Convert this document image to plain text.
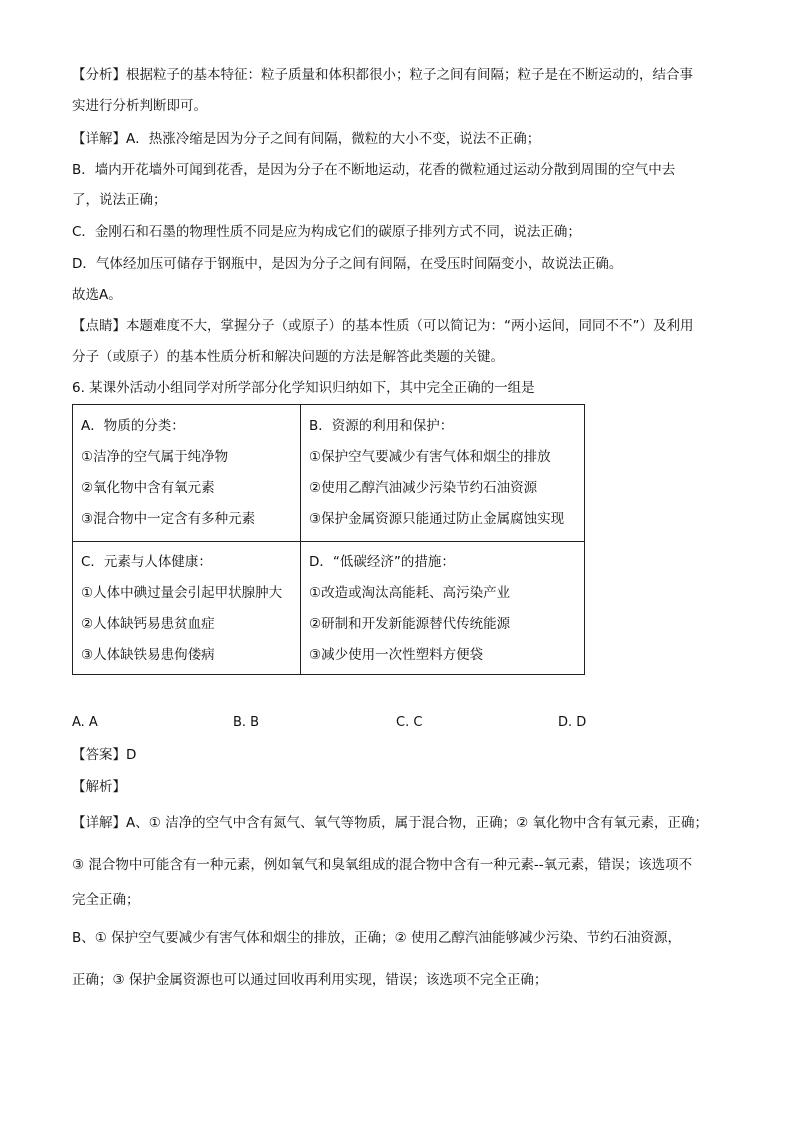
【分析】根据粒子的基本特征：粒子质量和体积都很小；粒子之间有间隔；粒子是在不断运动的，结合事
实进行分析判断即可。
【详解】A．热涨冷缩是因为分子之间有间隔，微粒的大小不变，说法不正确；
B．墙内开花墙外可闻到花香，是因为分子在不断地运动，花香的微粒通过运动分散到周围的空气中去
了，说法正确；
C．金刚石和石墨的物理性质不同是应为构成它们的碳原子排列方式不同，说法正确；
D．气体经加压可储存于钢瓶中，是因为分子之间有间隔，在受压时间隔变小，故说法正确。
故选A。
【点睛】本题难度不大，掌握分子（或原子）的基本性质（可以简记为：“两小运间，同同不不”）及利用
分子（或原子）的基本性质分析和解决问题的方法是解答此类题的关键。
6. 某课外活动小组同学对所学部分化学知识归纳如下，其中完全正确的一组是
A．物质的分类：
①洁净的空气属于纯净物
②氧化物中含有氧元素
③混合物中一定含有多种元素
B．资源的利用和保护：
①保护空气要减少有害气体和烟尘的排放
②使用乙醇汽油减少污染节约石油资源
③保护金属资源只能通过防止金属腐蚀实现
C．元素与人体健康：
①人体中碘过量会引起甲状腺肿大
②人体缺钙易患贫血症
③人体缺铁易患佝偻病
D．“低碳经济”的措施：
①改造或淘汰高能耗、高污染产业
②研制和开发新能源替代传统能源
③减少使用一次性塑料方便袋
A. A	B. B	C. C	D. D
【答案】D
【解析】
【详解】A、① 洁净的空气中含有氮气、氧气等物质，属于混合物，正确；② 氧化物中含有氧元素，正确；
③ 混合物中可能含有一种元素，例如氧气和臭氧组成的混合物中含有一种元素--氧元素，错误；该选项不
完全正确；
B、① 保护空气要减少有害气体和烟尘的排放，正确；② 使用乙醇汽油能够减少污染、节约石油资源，
正确；③ 保护金属资源也可以通过回收再利用实现，错误；该选项不完全正确；
